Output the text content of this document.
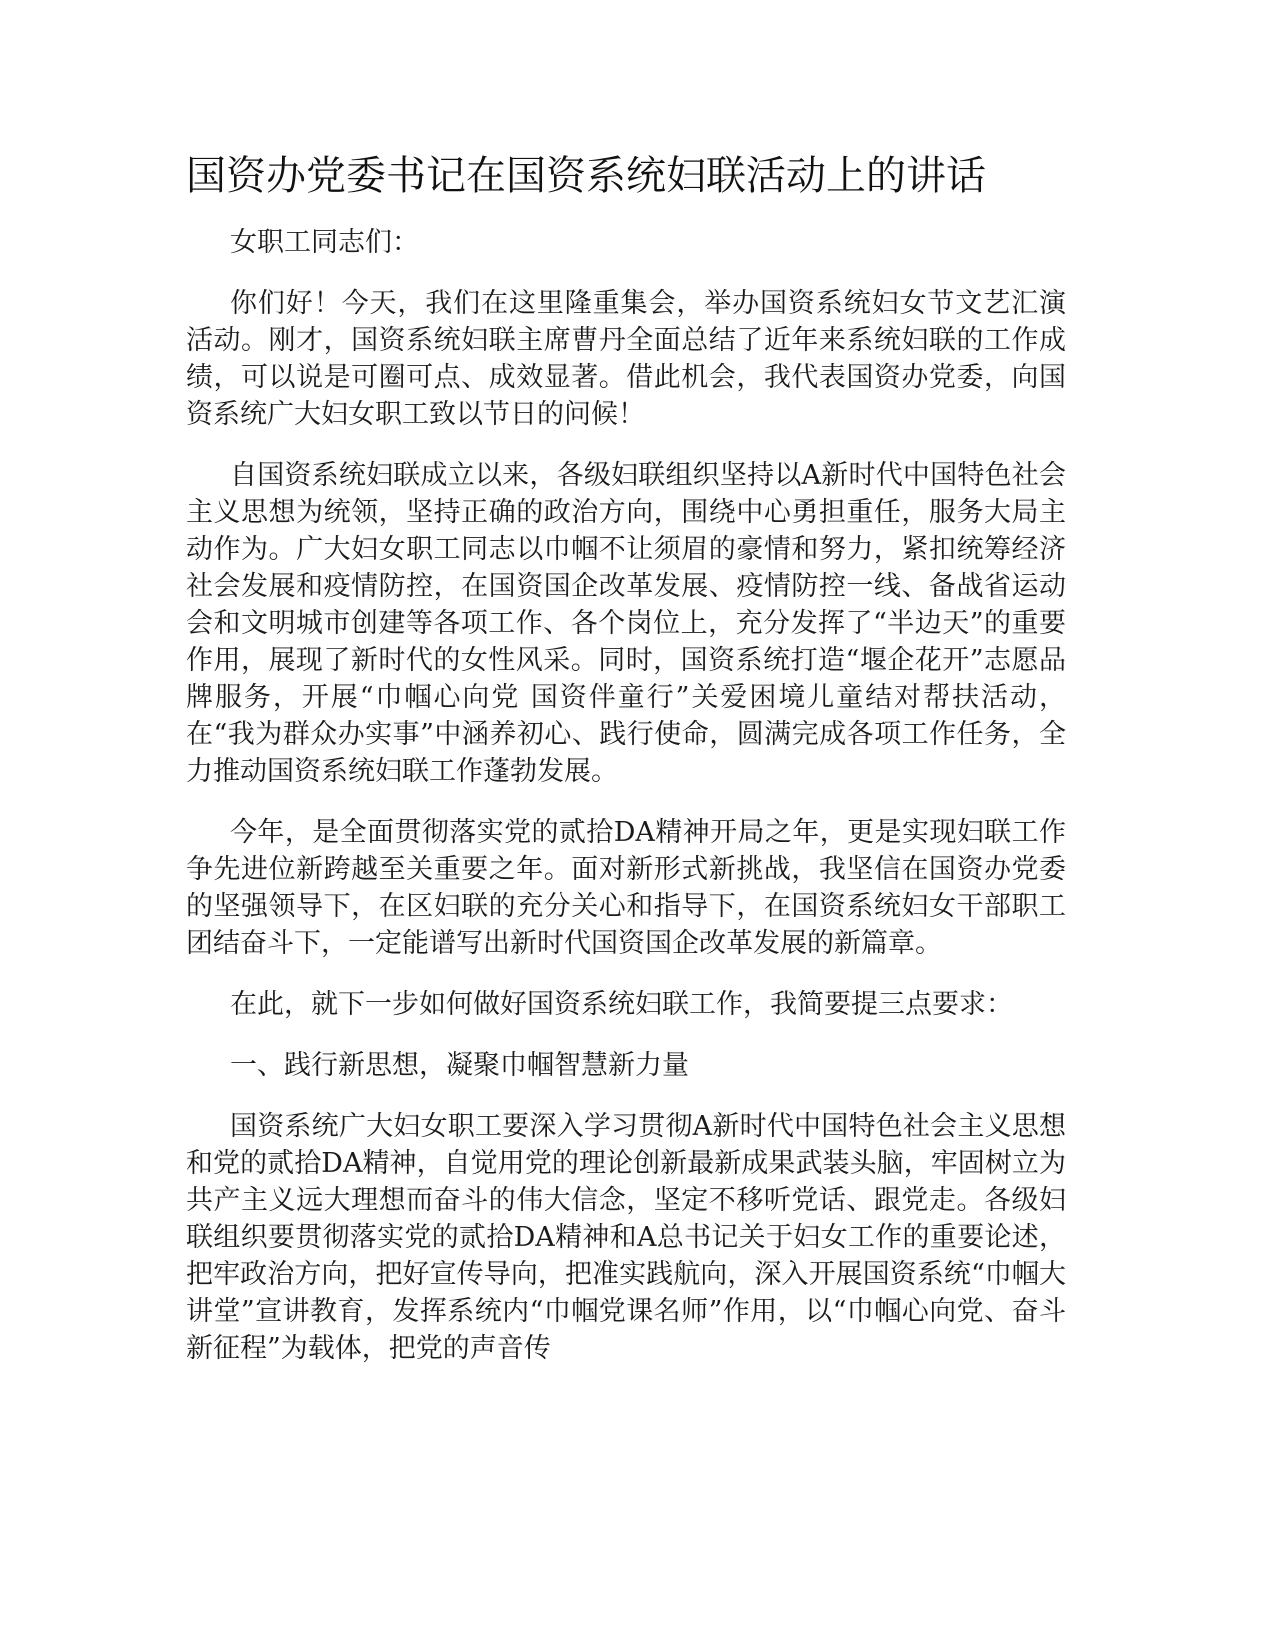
国资办党委书记在国资系统妇联活动上的讲话

女职工同志们：

你们好！今天，我们在这里隆重集会，举办国资系统妇女节文艺汇演活动。刚才，国资系统妇联主席曹丹全面总结了近年来系统妇联的工作成绩，可以说是可圈可点、成效显著。借此机会，我代表国资办党委，向国资系统广大妇女职工致以节日的问候！

自国资系统妇联成立以来，各级妇联组织坚持以A新时代中国特色社会主义思想为统领，坚持正确的政治方向，围绕中心勇担重任，服务大局主动作为。广大妇女职工同志以巾帼不让须眉的豪情和努力，紧扣统筹经济社会发展和疫情防控，在国资国企改革发展、疫情防控一线、备战省运动会和文明城市创建等各项工作、各个岗位上，充分发挥了“半边天”的重要作用，展现了新时代的女性风采。同时，国资系统打造“堰企花开”志愿品牌服务，开展“巾帼心向党 国资伴童行”关爱困境儿童结对帮扶活动，在“我为群众办实事”中涵养初心、践行使命，圆满完成各项工作任务，全力推动国资系统妇联工作蓬勃发展。

今年，是全面贯彻落实党的贰拾DA精神开局之年，更是实现妇联工作争先进位新跨越至关重要之年。面对新形式新挑战，我坚信在国资办党委的坚强领导下，在区妇联的充分关心和指导下，在国资系统妇女干部职工团结奋斗下，一定能谱写出新时代国资国企改革发展的新篇章。

在此，就下一步如何做好国资系统妇联工作，我简要提三点要求：

一、践行新思想，凝聚巾帼智慧新力量

国资系统广大妇女职工要深入学习贯彻A新时代中国特色社会主义思想和党的贰拾DA精神，自觉用党的理论创新最新成果武装头脑，牢固树立为共产主义远大理想而奋斗的伟大信念，坚定不移听党话、跟党走。各级妇联组织要贯彻落实党的贰拾DA精神和A总书记关于妇女工作的重要论述，把牢政治方向，把好宣传导向，把准实践航向，深入开展国资系统“巾帼大讲堂”宣讲教育，发挥系统内“巾帼党课名师”作用，以“巾帼心向党、奋斗新征程”为载体，把党的声音传
